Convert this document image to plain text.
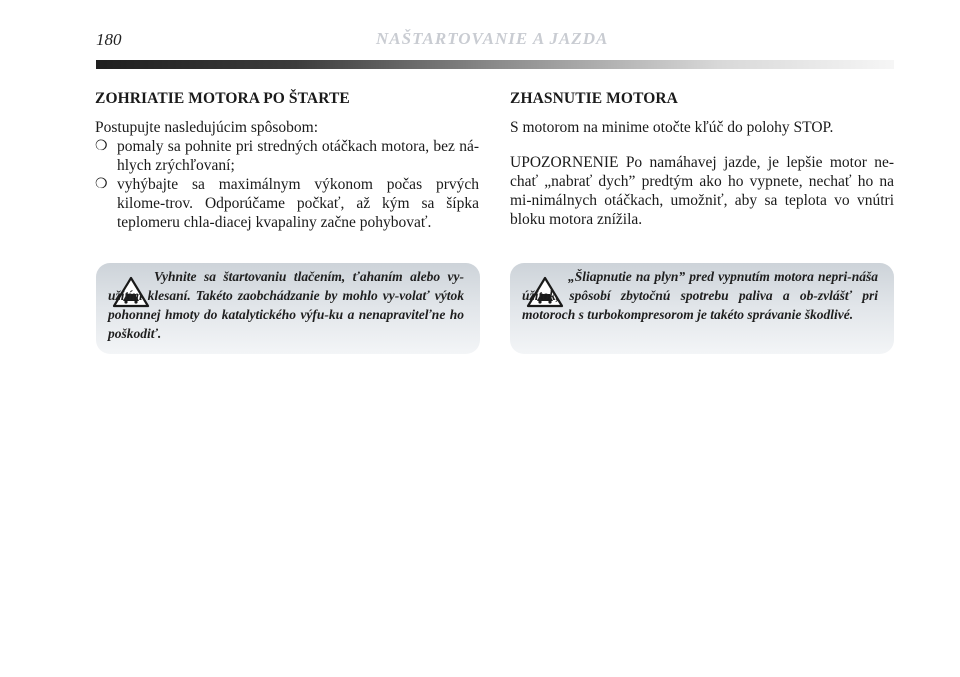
180	NAŠTARTOVANIE A JAZDA
ZOHRIATIE MOTORA PO ŠTARTE

Postupujte nasledujúcim spôsobom:

❍ pomaly sa pohnite pri stredných otáčkach motora, bez ná-hlych zrýchľovaní;
❍ vyhýbajte sa maximálnym výkonom počas prvých kilome-trov. Odporúčame počkať, až kým sa šípka teplomeru chla-diacej kvapaliny začne pohybovať.
ZHASNUTIE MOTORA

S motorom na minime otočte kľúč do polohy STOP.

UPOZORNENIE Po namáhavej jazde, je lepšie motor ne-chať „nabrať dych” predtým ako ho vypnete, nechať ho na mi-nimálnych otáčkach, umožniť, aby sa teplota vo vnútri bloku motora znížila.

Vyhnite sa štartovaniu tlačením, ťahaním alebo vy-užitím klesaní. Takéto zaobchádzanie by mohlo vy-volať výtok pohonnej hmoty do katalytického výfu-ku a nenapraviteľne ho poškodiť.
„Šliapnutie na plyn” pred vypnutím motora nepri-náša úžitok, spôsobí zbytočnú spotrebu paliva a ob-zvlášť pri motoroch s turbokompresorom je takéto správanie škodlivé.
